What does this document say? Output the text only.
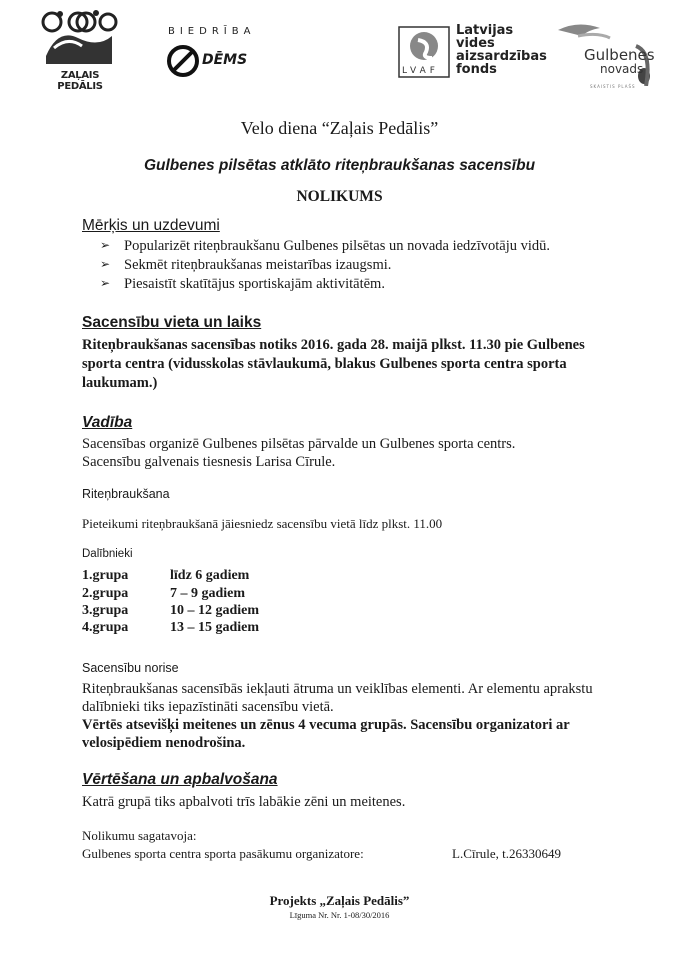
ZAĻAIS PEDĀLIS
BIEDRĪBA
DĒMS
LVAF
Latvijas vides aizsardzības fonds
Gulbenes
novads
SKAISTIS PLAŠS
Velo diena “Zaļais Pedālis”
Gulbenes pilsētas atklāto riteņbraukšanas sacensību
NOLIKUMS
Mērķis un uzdevumi
➢ Popularizēt riteņbraukšanu Gulbenes pilsētas un novada iedzīvotāju vidū.
➢ Sekmēt riteņbraukšanas meistarības izaugsmi.
➢ Piesaistīt skatītājus sportiskajām aktivitātēm.
Sacensību vieta un laiks
Riteņbraukšanas sacensības notiks 2016. gada 28. maijā plkst. 11.30 pie Gulbenes
sporta centra (vidusskolas stāvlaukumā, blakus Gulbenes sporta centra sporta
laukumam.)
Vadība
Sacensības organizē Gulbenes pilsētas pārvalde un Gulbenes sporta centrs.
Sacensību galvenais tiesnesis Larisa Cīrule.
Riteņbraukšana
Pieteikumi riteņbraukšanā jāiesniedz sacensību vietā līdz plkst. 11.00
Dalībnieki
1.grupa	līdz 6 gadiem
2.grupa	7 – 9 gadiem
3.grupa	10 – 12 gadiem
4.grupa	13 – 15 gadiem
Sacensību norise
Riteņbraukšanas sacensībās iekļauti ātruma un veiklības elementi. Ar elementu aprakstu
dalībnieki tiks iepazīstināti sacensību vietā.
Vērtēs atsevišķi meitenes un zēnus 4 vecuma grupās. Sacensību organizatori ar
velosipēdiem nenodrošina.
Vērtēšana un apbalvošana
Katrā grupā tiks apbalvoti trīs labākie zēni un meitenes.
Nolikumu sagatavoja:
Gulbenes sporta centra sporta pasākumu organizatore:	L.Cīrule, t.26330649
Projekts „Zaļais Pedālis”
Līguma Nr. Nr. 1-08/30/2016
